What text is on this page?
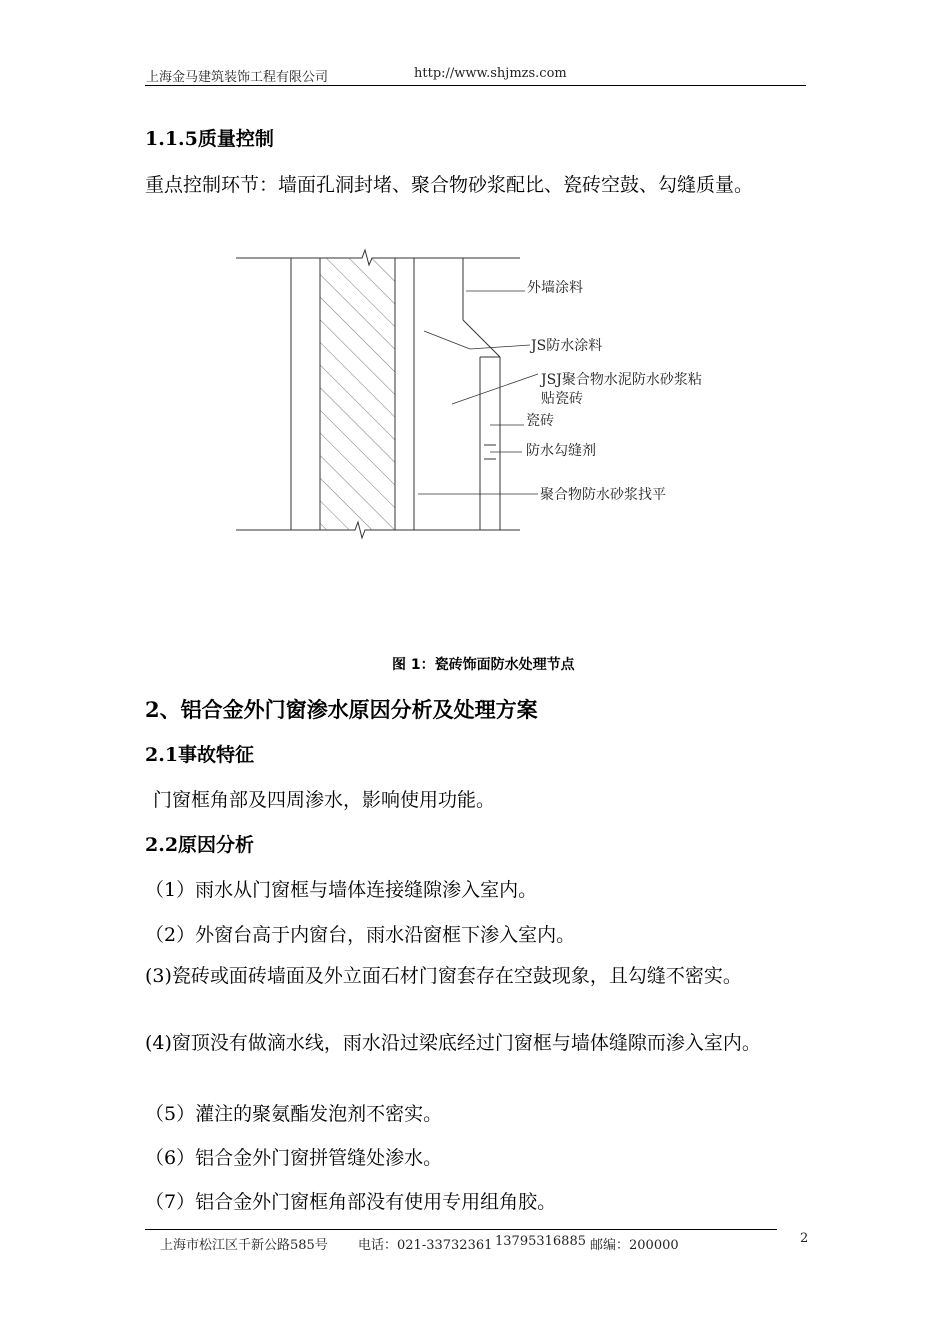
上海金马建筑装饰工程有限公司	http://www.shjmzs.com
1.1.5质量控制
重点控制环节：墙面孔洞封堵、聚合物砂浆配比、瓷砖空鼓、勾缝质量。
外墙涂料
JS防水涂料
JSJ聚合物水泥防水砂浆粘
贴瓷砖
瓷砖
防水勾缝剂
聚合物防水砂浆找平
图 1：瓷砖饰面防水处理节点
2、铝合金外门窗渗水原因分析及处理方案
2.1事故特征
门窗框角部及四周渗水，影响使用功能。
2.2原因分析
（1）雨水从门窗框与墙体连接缝隙渗入室内。
（2）外窗台高于内窗台，雨水沿窗框下渗入室内。
(3)瓷砖或面砖墙面及外立面石材门窗套存在空鼓现象，且勾缝不密实。
(4)窗顶没有做滴水线，雨水沿过梁底经过门窗框与墙体缝隙而渗入室内。
（5）灌注的聚氨酯发泡剂不密实。
（6）铝合金外门窗拼管缝处渗水。
（7）铝合金外门窗框角部没有使用专用组角胶。
上海市松江区千新公路585号 电话：021-33732361 13795316885 邮编：200000	2
